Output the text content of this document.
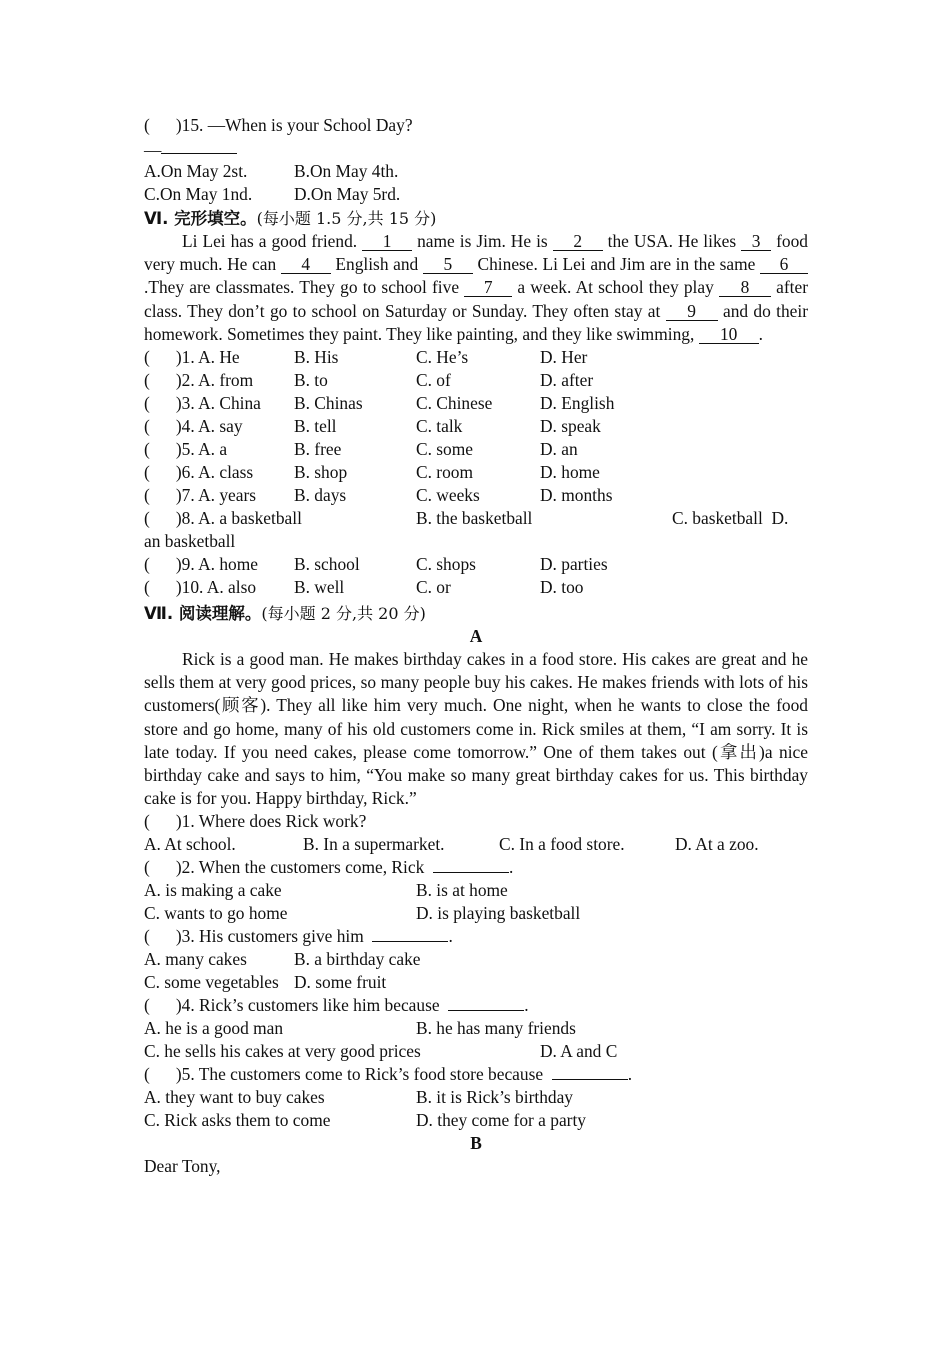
(      )15. —When is your School Day?
—
A.On May 2st.	B.On May 4th.
C.On May 1nd. D.On May 5rd.
Ⅵ. 完形填空。(每小题 1.5 分,共 15 分)
Li Lei has a good friend. 1 name is Jim. He is 2 the USA. He likes 3 food very much. He can 4 English and 5 Chinese. Li Lei and Jim are in the same 6.They are classmates. They go to school five 7 a week. At school they play 8 after class. They don’t go to school on Saturday or Sunday. They often stay at 9 and do their homework. Sometimes they paint. They like painting, and they like swimming, 10 .
(      )1. A. He	B. His	C. He’s	D. Her
(      )2. A. from B. to	C. of	D. after
(      )3. A. China B. Chinas	C. Chinese	D. English
(      )4. A. say	B. tell	C. talk	D. speak
(      )5. A. a	B. free	C. some	D. an
(      )6. A. class B. shop	C. room	D. home
(      )7. A. years B. days	C. weeks	D. months
(      )8. A. a basketball	B. the basketball	C. basketball  D.
an basketball
(      )9. A. home B. school	C. shops	D. parties
(      )10. A. also B. well	C. or	D. too
Ⅶ. 阅读理解。(每小题 2 分,共 20 分)
A
Rick is a good man. He makes birthday cakes in a food store. His cakes are great and he sells them at very good prices, so many people buy his cakes. He makes friends with lots of his customers(顾客). They all like him very much. One night, when he wants to close the food store and go home, many of his old customers come in. Rick smiles at them, “I am sorry. It is late today. If you need cakes, please come tomorrow.” One of them takes out (拿出)a nice birthday cake and says to him, “You make so many great birthday cakes for us. This birthday cake is for you. Happy birthday, Rick.”
(      )1. Where does Rick work?
A. At school.	B. In a supermarket.	C. In a food store.	D. At a zoo.
(      )2. When the customers come, Rick	.
A. is making a cake	B. is at home
C. wants to go home	D. is playing basketball
(      )3. His customers give him	.
A. many cakes	B. a birthday cake
C. some vegetables D. some fruit
(      )4. Rick’s customers like him because	.
A. he is a good man	B. he has many friends
C. he sells his cakes at very good prices	D. A and C
(      )5. The customers come to Rick’s food store because	.
A. they want to buy cakes	B. it is Rick’s birthday
C. Rick asks them to come	D. they come for a party
B
Dear Tony,
